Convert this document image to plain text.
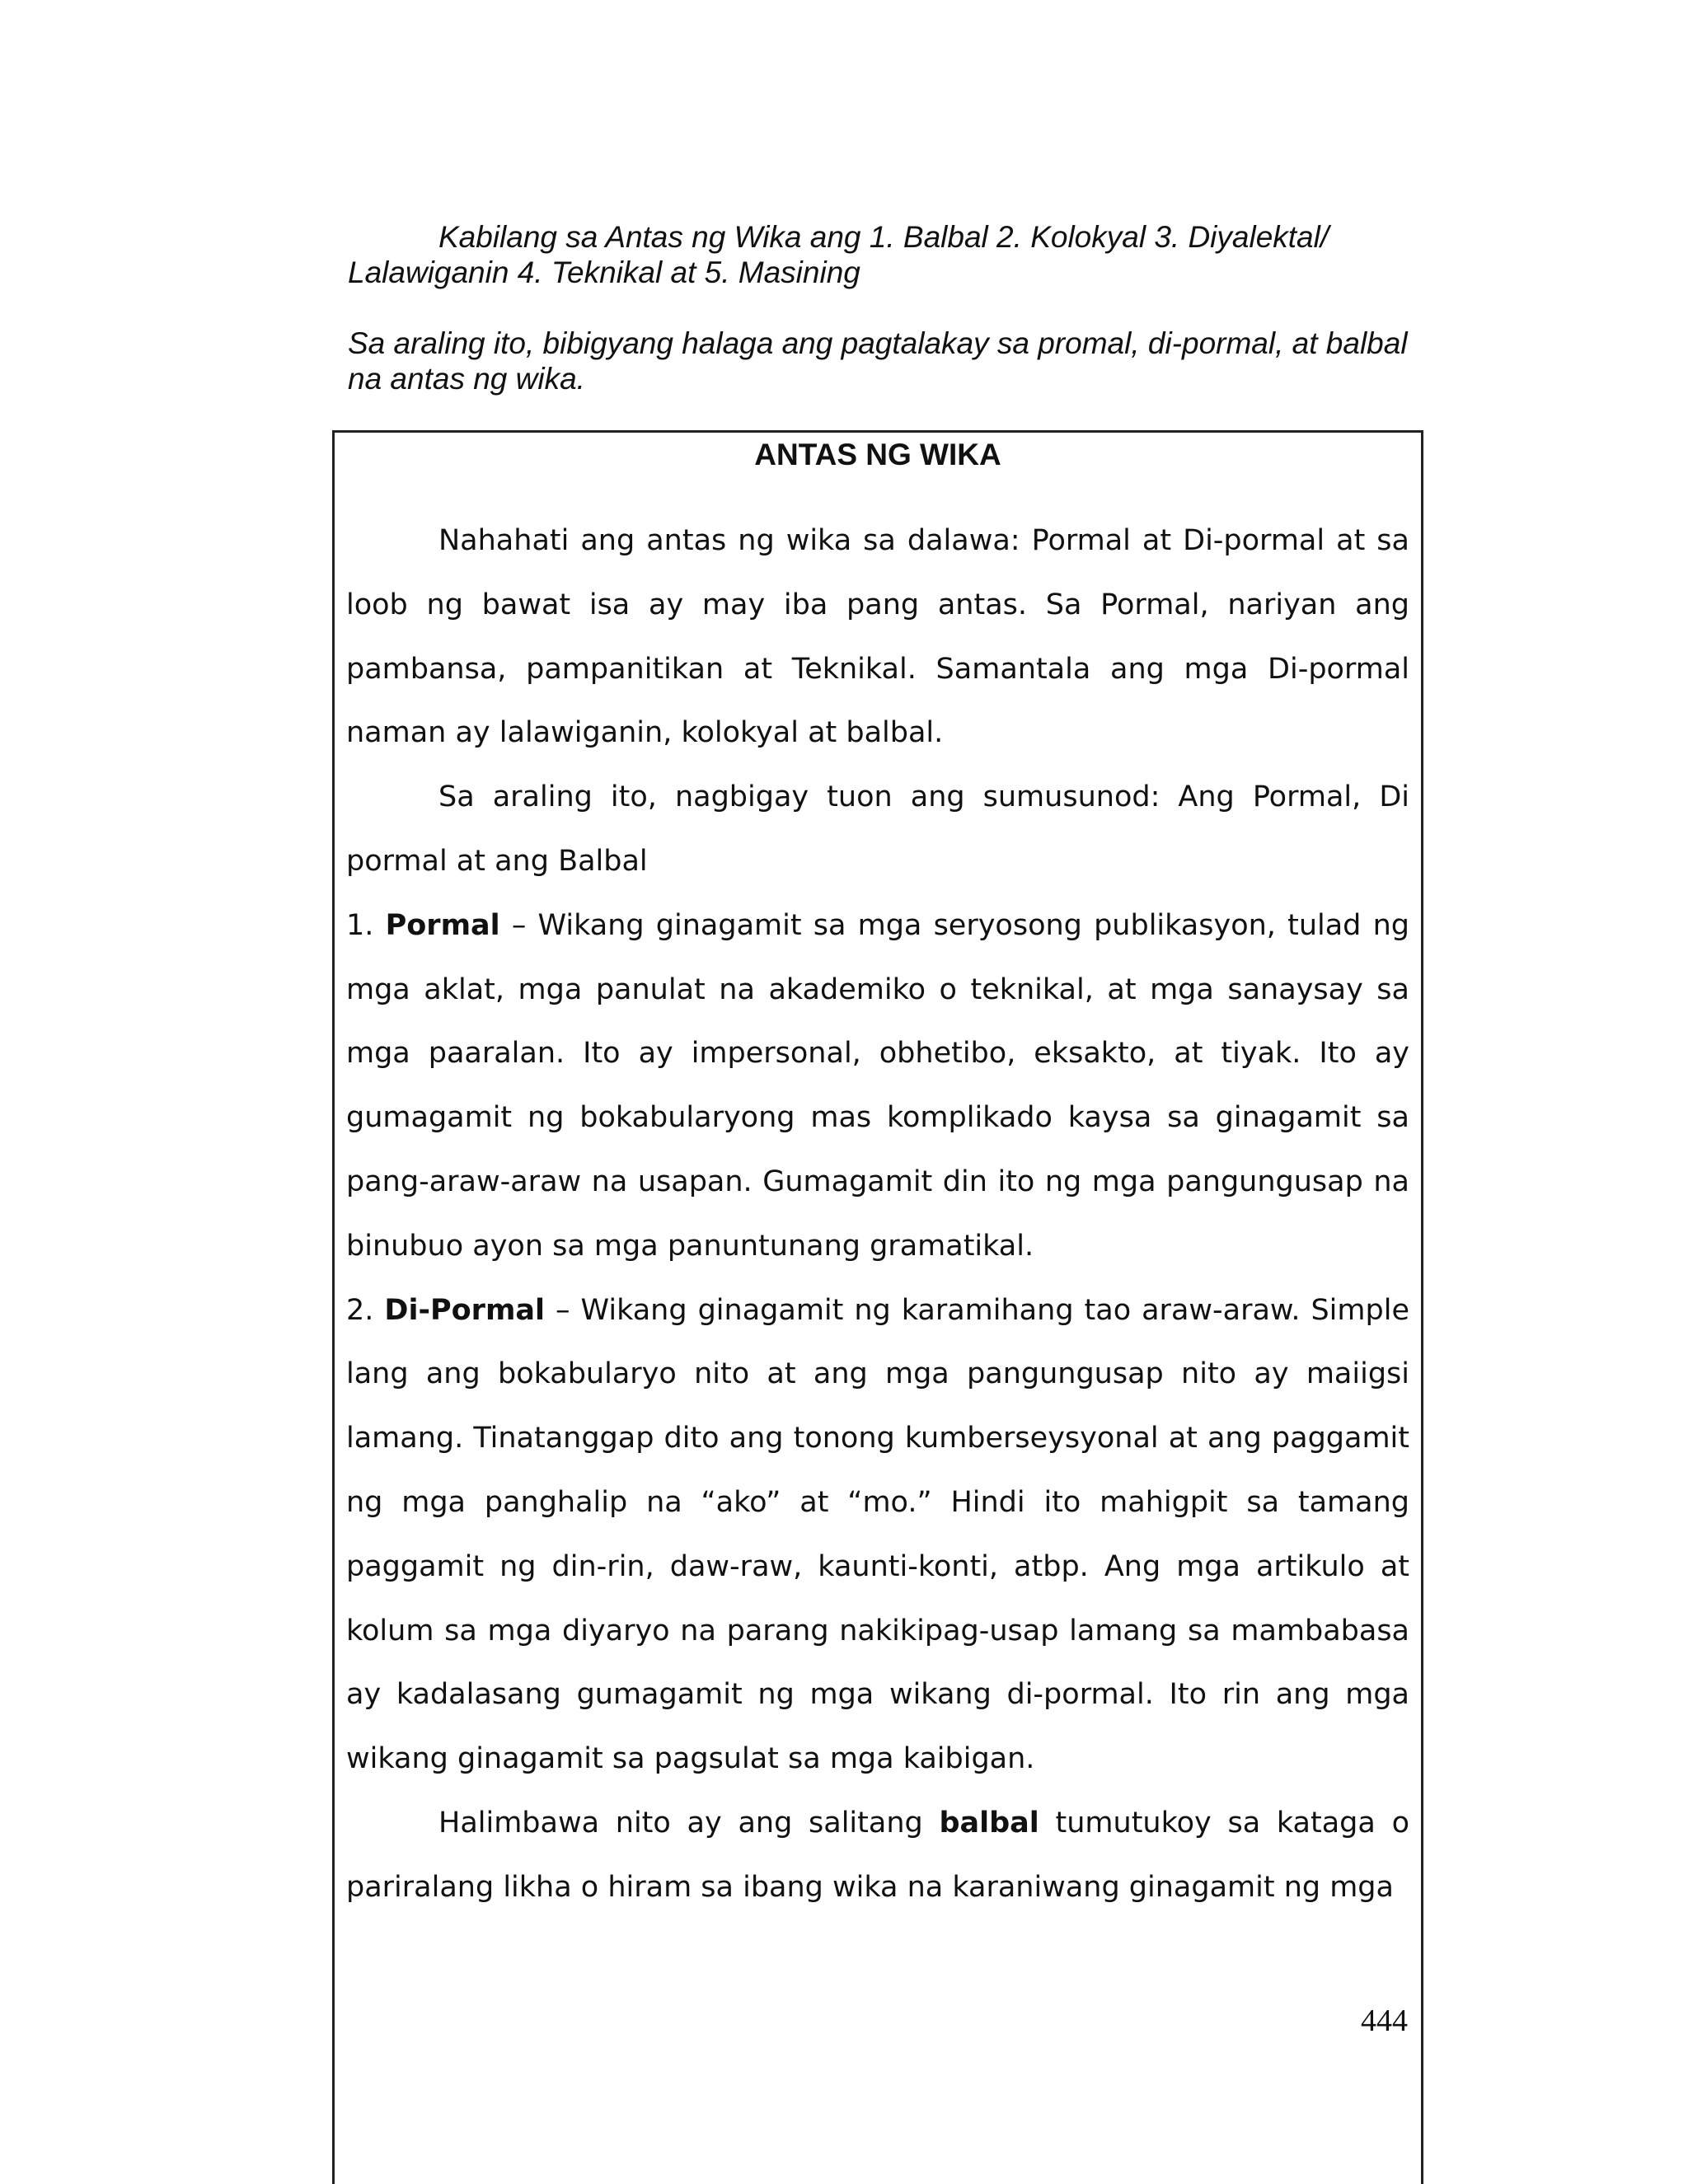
Kabilang sa Antas ng Wika ang 1. Balbal 2. Kolokyal 3. Diyalektal/ Lalawiganin 4. Teknikal at 5. Masining

Sa araling ito, bibigyang halaga ang pagtalakay sa promal, di-pormal, at balbal na antas ng wika.

ANTAS NG WIKA

Nahahati ang antas ng wika sa dalawa: Pormal at Di-pormal at sa loob ng bawat isa ay may iba pang antas. Sa Pormal, nariyan ang pambansa, pampanitikan at Teknikal. Samantala ang mga Di-pormal naman ay lalawiganin, kolokyal at balbal.

Sa araling ito, nagbigay tuon ang sumusunod: Ang Pormal, Di pormal at ang Balbal

1. Pormal – Wikang ginagamit sa mga seryosong publikasyon, tulad ng mga aklat, mga panulat na akademiko o teknikal, at mga sanaysay sa mga paaralan. Ito ay impersonal, obhetibo, eksakto, at tiyak. Ito ay gumagamit ng bokabularyong mas komplikado kaysa sa ginagamit sa pang-araw-araw na usapan. Gumagamit din ito ng mga pangungusap na binubuo ayon sa mga panuntunang gramatikal.

2. Di-Pormal – Wikang ginagamit ng karamihang tao araw-araw. Simple lang ang bokabularyo nito at ang mga pangungusap nito ay maiigsi lamang. Tinatanggap dito ang tonong kumberseysyonal at ang paggamit ng mga panghalip na “ako” at “mo.” Hindi ito mahigpit sa tamang paggamit ng din-rin, daw-raw, kaunti-konti, atbp. Ang mga artikulo at kolum sa mga diyaryo na parang nakikipag-usap lamang sa mambabasa ay kadalasang gumagamit ng mga wikang di-pormal. Ito rin ang mga wikang ginagamit sa pagsulat sa mga kaibigan.

Halimbawa nito ay ang salitang balbal tumutukoy sa kataga o pariralang likha o hiram sa ibang wika na karaniwang ginagamit ng mga

444
